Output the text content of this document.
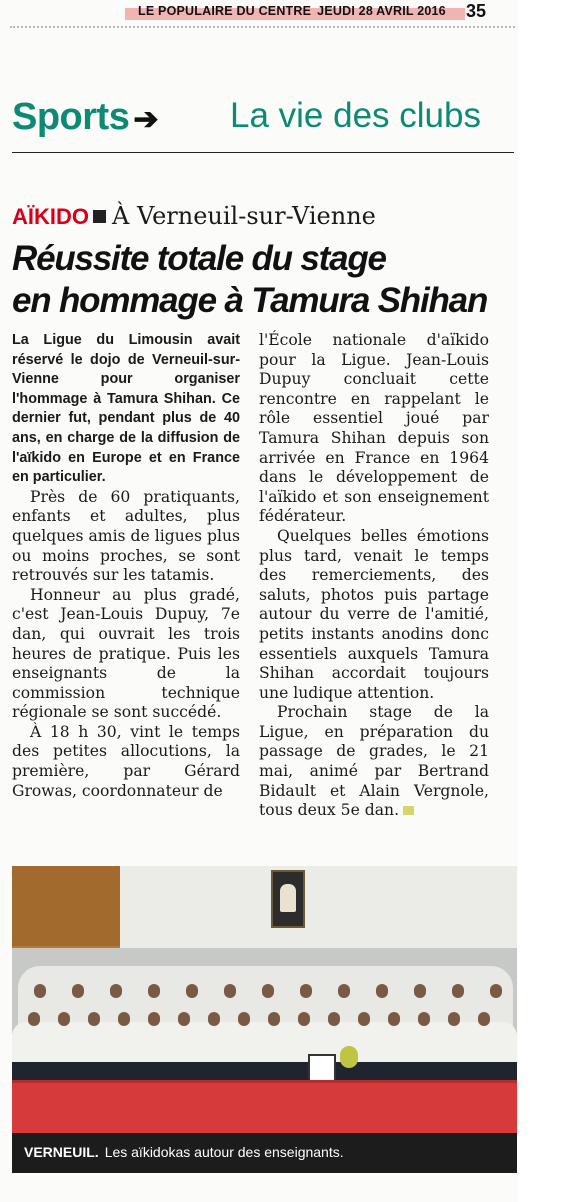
LE POPULAIRE DU CENTRE JEUDI 28 AVRIL 2016 35
Sports ➔ La vie des clubs
AÏKIDO À Verneuil-sur-Vienne
Réussite totale du stage
en hommage à Tamura Shihan

La Ligue du Limousin avait réservé le dojo de Verneuil-sur-Vienne pour organiser l'hommage à Tamura Shihan. Ce dernier fut, pendant plus de 40 ans, en charge de la diffusion de l'aïkido en Europe et en France en particulier.

Près de 60 pratiquants, enfants et adultes, plus quelques amis de ligues plus ou moins proches, se sont retrouvés sur les tatamis.

Honneur au plus gradé, c'est Jean-Louis Dupuy, 7e dan, qui ouvrait les trois heures de pratique. Puis les enseignants de la commission technique régionale se sont succédé.

À 18 h 30, vint le temps des petites allocutions, la première, par Gérard Growas, coordonnateur de

l'École nationale d'aïkido pour la Ligue. Jean-Louis Dupuy concluait cette rencontre en rappelant le rôle essentiel joué par Tamura Shihan depuis son arrivée en France en 1964 dans le développement de l'aïkido et son enseignement fédérateur.

Quelques belles émotions plus tard, venait le temps des remerciements, des saluts, photos puis partage autour du verre de l'amitié, petits instants anodins donc essentiels auxquels Tamura Shihan accordait toujours une ludique attention.

Prochain stage de la Ligue, en préparation du passage de grades, le 21 mai, animé par Bertrand Bidault et Alain Vergnole, tous deux 5e dan.

VERNEUIL. Les aïkidokas autour des enseignants.
